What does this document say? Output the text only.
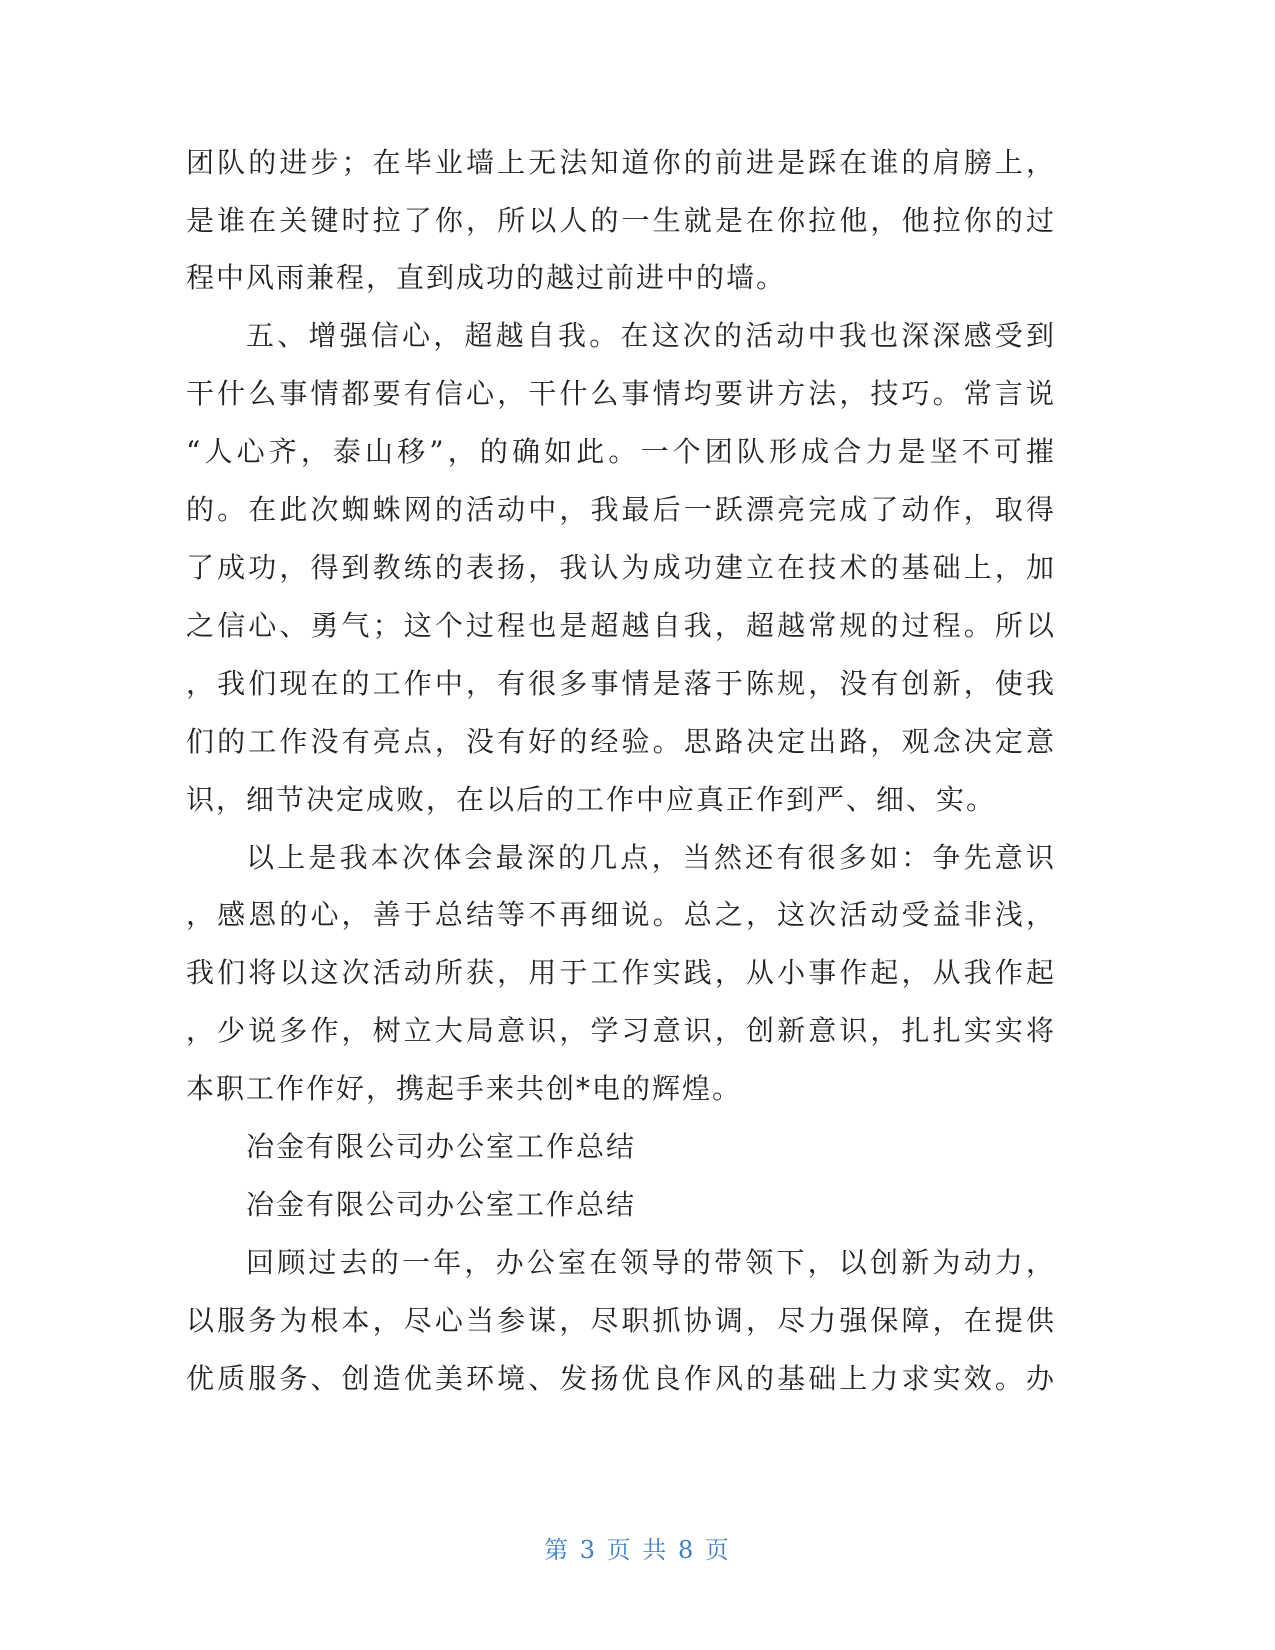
团队的进步；在毕业墙上无法知道你的前进是踩在谁的肩膀上，
是谁在关键时拉了你，所以人的一生就是在你拉他，他拉你的过
程中风雨兼程，直到成功的越过前进中的墙。
五、增强信心，超越自我。在这次的活动中我也深深感受到
干什么事情都要有信心，干什么事情均要讲方法，技巧。常言说
“人心齐，泰山移”，的确如此。一个团队形成合力是坚不可摧
的。在此次蜘蛛网的活动中，我最后一跃漂亮完成了动作，取得
了成功，得到教练的表扬，我认为成功建立在技术的基础上，加
之信心、勇气；这个过程也是超越自我，超越常规的过程。所以
，我们现在的工作中，有很多事情是落于陈规，没有创新，使我
们的工作没有亮点，没有好的经验。思路决定出路，观念决定意
识，细节决定成败，在以后的工作中应真正作到严、细、实。
以上是我本次体会最深的几点，当然还有很多如：争先意识
，感恩的心，善于总结等不再细说。总之，这次活动受益非浅，
我们将以这次活动所获，用于工作实践，从小事作起，从我作起
，少说多作，树立大局意识，学习意识，创新意识，扎扎实实将
本职工作作好，携起手来共创*电的辉煌。
冶金有限公司办公室工作总结
冶金有限公司办公室工作总结
回顾过去的一年，办公室在领导的带领下，以创新为动力，
以服务为根本，尽心当参谋，尽职抓协调，尽力强保障，在提供
优质服务、创造优美环境、发扬优良作风的基础上力求实效。办
第 3 页 共 8 页
